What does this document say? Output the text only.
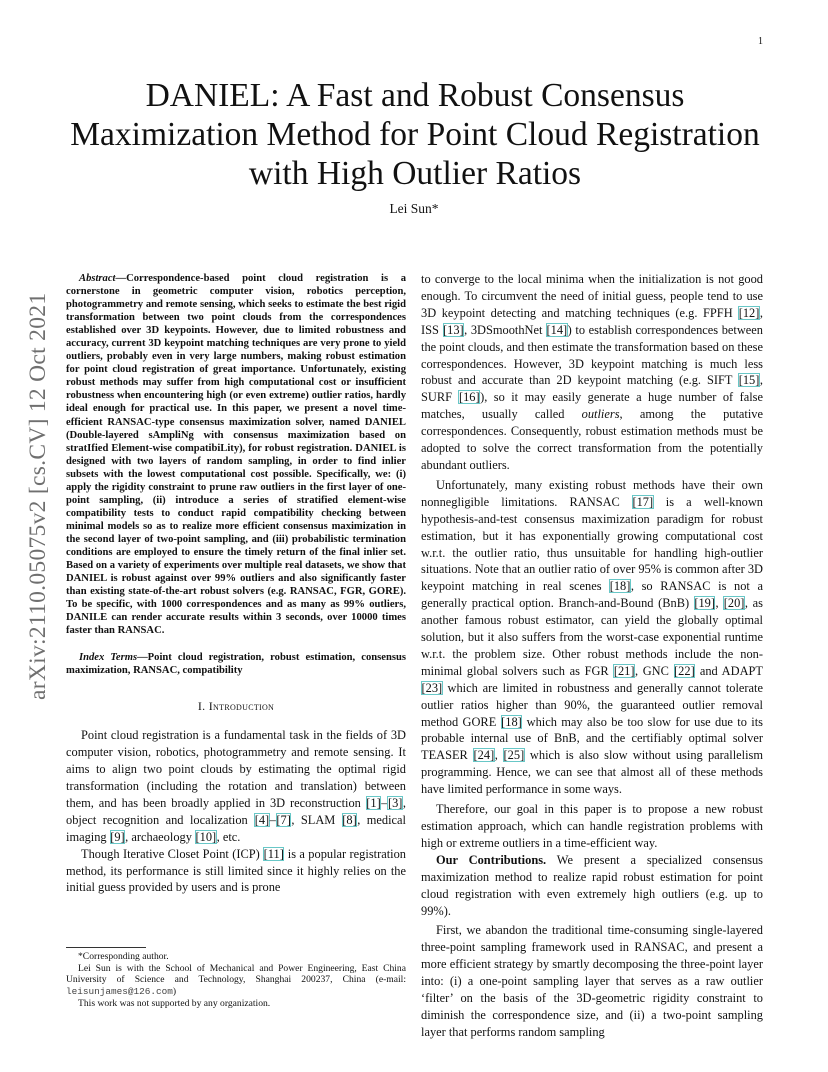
1
arXiv:2110.05075v2 [cs.CV] 12 Oct 2021
DANIEL: A Fast and Robust Consensus
Maximization Method for Point Cloud Registration
with High Outlier Ratios
Lei Sun*

Abstract—Correspondence-based point cloud registration is a cornerstone in geometric computer vision, robotics perception, photogrammetry and remote sensing, which seeks to estimate the best rigid transformation between two point clouds from the correspondences established over 3D keypoints. However, due to limited robustness and accuracy, current 3D keypoint matching techniques are very prone to yield outliers, probably even in very large numbers, making robust estimation for point cloud registration of great importance. Unfortunately, existing robust methods may suffer from high computational cost or insufficient robustness when encountering high (or even extreme) outlier ratios, hardly ideal enough for practical use. In this paper, we present a novel time-efficient RANSAC-type consensus maximization solver, named DANIEL (Double-layered sAmpliNg with consensus maximization based on stratIfied Element-wise compatibiLity), for robust registration. DANIEL is designed with two layers of random sampling, in order to find inlier subsets with the lowest computational cost possible. Specifically, we: (i) apply the rigidity constraint to prune raw outliers in the first layer of one-point sampling, (ii) introduce a series of stratified element-wise compatibility tests to conduct rapid compatibility checking between minimal models so as to realize more efficient consensus maximization in the second layer of two-point sampling, and (iii) probabilistic termination conditions are employed to ensure the timely return of the final inlier set. Based on a variety of experiments over multiple real datasets, we show that DANIEL is robust against over 99% outliers and also significantly faster than existing state-of-the-art robust solvers (e.g. RANSAC, FGR, GORE). To be specific, with 1000 correspondences and as many as 99% outliers, DANILE can render accurate results within 3 seconds, over 10000 times faster than RANSAC.

Index Terms—Point cloud registration, robust estimation, consensus maximization, RANSAC, compatibility

I. Introduction

Point cloud registration is a fundamental task in the fields of 3D computer vision, robotics, photogrammetry and remote sensing. It aims to align two point clouds by estimating the optimal rigid transformation (including the rotation and translation) between them, and has been broadly applied in 3D reconstruction [1]–[3], object recognition and localization [4]–[7], SLAM [8], medical imaging [9], archaeology [10], etc.

Though Iterative Closet Point (ICP) [11] is a popular registration method, its performance is still limited since it highly relies on the initial guess provided by users and is prone

*Corresponding author.

Lei Sun is with the School of Mechanical and Power Engineering, East China University of Science and Technology, Shanghai 200237, China (e-mail: leisunjames@126.com)

This work was not supported by any organization.

to converge to the local minima when the initialization is not good enough. To circumvent the need of initial guess, people tend to use 3D keypoint detecting and matching techniques (e.g. FPFH [12], ISS [13], 3DSmoothNet [14]) to establish correspondences between the point clouds, and then estimate the transformation based on these correspondences. However, 3D keypoint matching is much less robust and accurate than 2D keypoint matching (e.g. SIFT [15], SURF [16]), so it may easily generate a huge number of false matches, usually called outliers, among the putative correspondences. Consequently, robust estimation methods must be adopted to solve the correct transformation from the potentially abundant outliers.

Unfortunately, many existing robust methods have their own nonnegligible limitations. RANSAC [17] is a well-known hypothesis-and-test consensus maximization paradigm for robust estimation, but it has exponentially growing computational cost w.r.t. the outlier ratio, thus unsuitable for handling high-outlier situations. Note that an outlier ratio of over 95% is common after 3D keypoint matching in real scenes [18], so RANSAC is not a generally practical option. Branch-and-Bound (BnB) [19], [20], as another famous robust estimator, can yield the globally optimal solution, but it also suffers from the worst-case exponential runtime w.r.t. the problem size. Other robust methods include the non-minimal global solvers such as FGR [21], GNC [22] and ADAPT [23] which are limited in robustness and generally cannot tolerate outlier ratios higher than 90%, the guaranteed outlier removal method GORE [18] which may also be too slow for use due to its probable internal use of BnB, and the certifiably optimal solver TEASER [24], [25] which is also slow without using parallelism programming. Hence, we can see that almost all of these methods have limited performance in some ways.

Therefore, our goal in this paper is to propose a new robust estimation approach, which can handle registration problems with high or extreme outliers in a time-efficient way.

Our Contributions. We present a specialized consensus maximization method to realize rapid robust estimation for point cloud registration with even extremely high outliers (e.g. up to 99%).

First, we abandon the traditional time-consuming single-layered three-point sampling framework used in RANSAC, and present a more efficient strategy by smartly decomposing the three-point layer into: (i) a one-point sampling layer that serves as a raw outlier ‘filter’ on the basis of the 3D-geometric rigidity constraint to diminish the correspondence size, and (ii) a two-point sampling layer that performs random sampling
